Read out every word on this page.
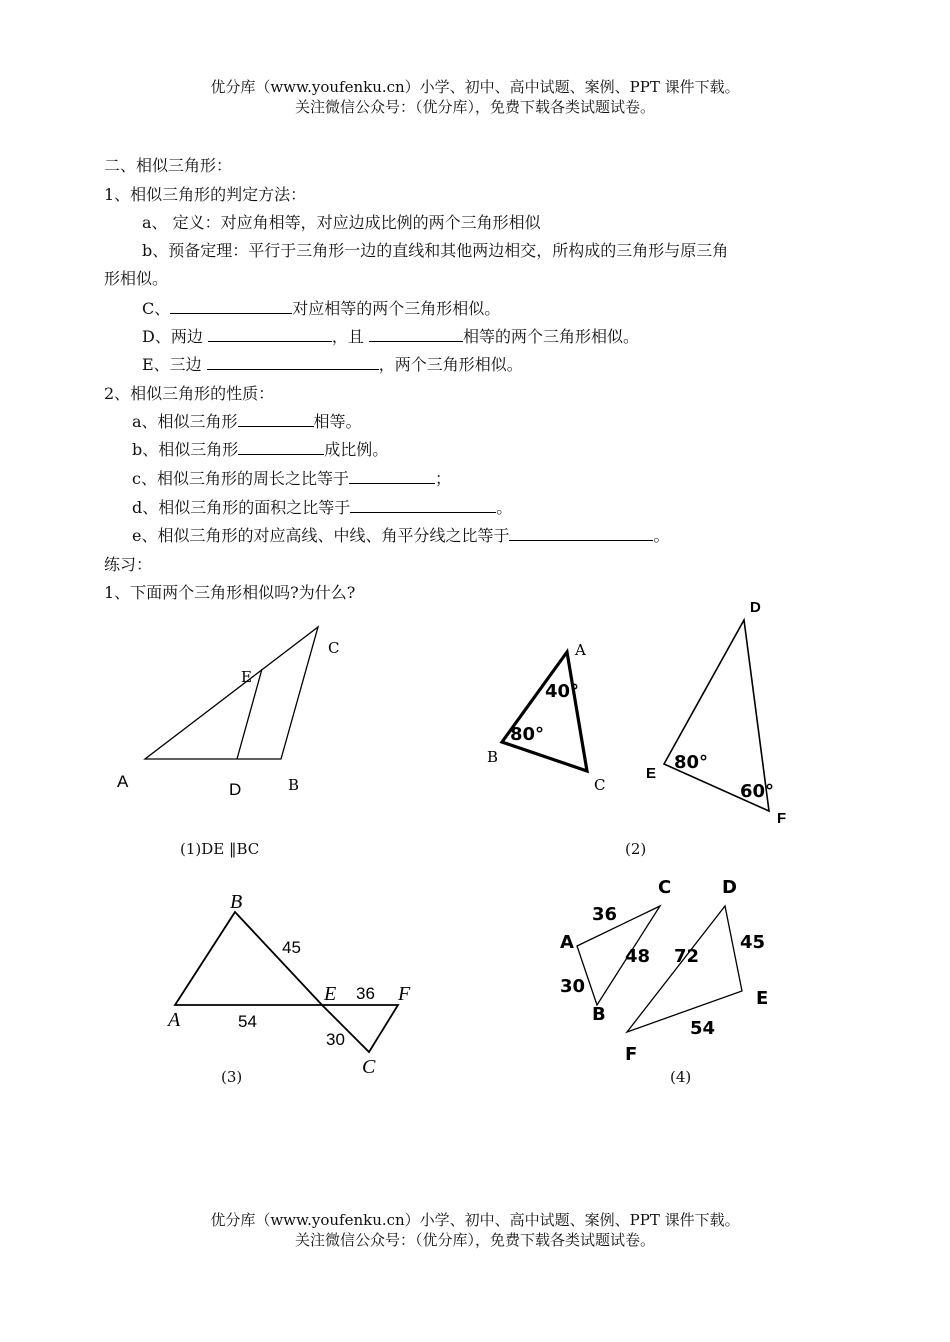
优分库（www.youfenku.cn）小学、初中、高中试题、案例、PPT 课件下载。
关注微信公众号：（优分库），免费下载各类试题试卷。
二、相似三角形：
1、相似三角形的判定方法：
a、 定义：对应角相等，对应边成比例的两个三角形相似
b、预备定理：平行于三角形一边的直线和其他两边相交，所构成的三角形与原三角
形相似。
C、	对应相等的两个三角形相似。
D、两边	，且	相等的两个三角形相似。
E、三边	，两个三角形相似。
2、相似三角形的性质：
a、相似三角形	相等。
b、相似三角形	成比例。
c、相似三角形的周长之比等于	；
d、相似三角形的面积之比等于	。
e、相似三角形的对应高线、中线、角平分线之比等于	。
练习：
1、下面两个三角形相似吗?为什么?
C
E
A	D	B
A
B
C
40°
80°
D
E
F
80°
60°
B
45
E 36 F
A	54
30
C
C	D
36
A	45
48 72
30
E
B
54
F
(1)DE ‖BC	(2)
(3)	(4)
优分库（www.youfenku.cn）小学、初中、高中试题、案例、PPT 课件下载。
关注微信公众号：（优分库），免费下载各类试题试卷。
